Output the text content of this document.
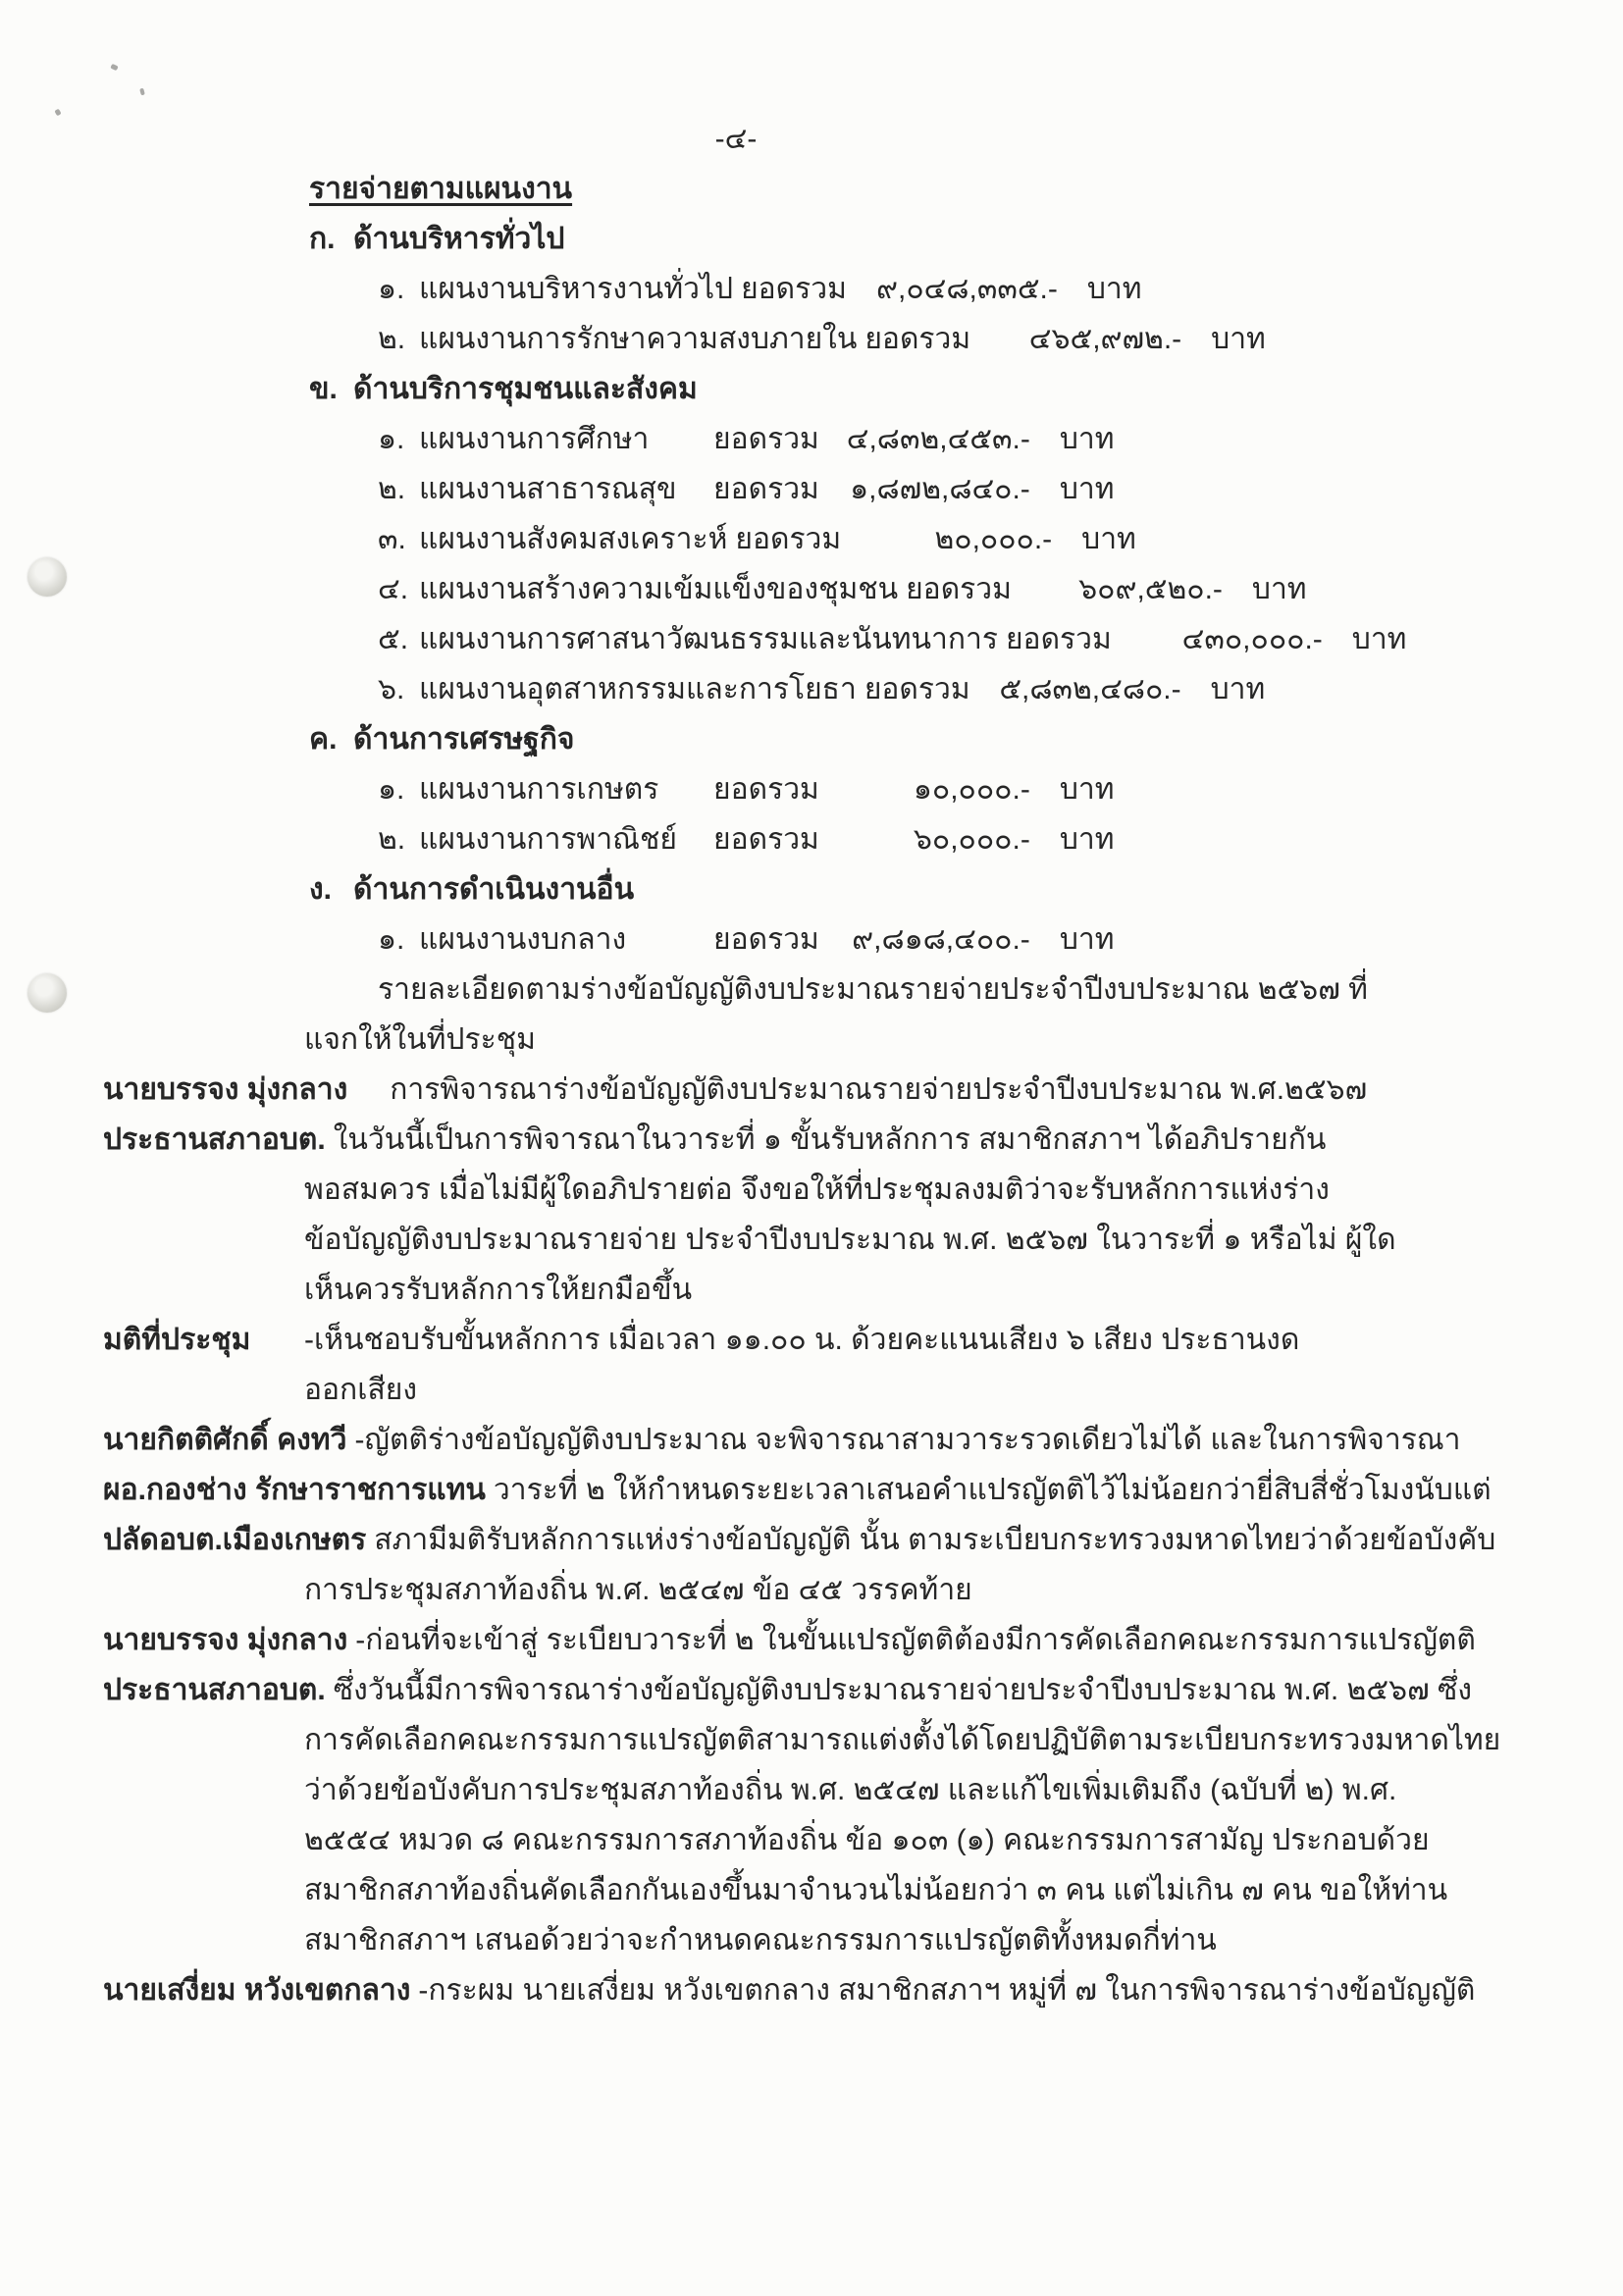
-๔-
รายจ่ายตามแผนงาน
ก. ด้านบริหารทั่วไป
๑. แผนงานบริหารงานทั่วไป ยอดรวม	๙,๐๔๘,๓๓๕.-	บาท
๒. แผนงานการรักษาความสงบภายใน ยอดรวม	๔๖๕,๙๗๒.-	บาท
ข. ด้านบริการชุมชนและสังคม
๑. แผนงานการศึกษา	ยอดรวม ๔,๘๓๒,๔๕๓.-	บาท
๒. แผนงานสาธารณสุข	ยอดรวม	๑,๘๗๒,๘๔๐.-	บาท
๓. แผนงานสังคมสงเคราะห์ ยอดรวม	๒๐,๐๐๐.-	บาท
๔. แผนงานสร้างความเข้มแข็งของชุมชน ยอดรวม	๖๐๙,๕๒๐.-	บาท
๕. แผนงานการศาสนาวัฒนธรรมและนันทนาการ ยอดรวม	๔๓๐,๐๐๐.-	บาท
๖. แผนงานอุตสาหกรรมและการโยธา ยอดรวม ๕,๘๓๒,๔๘๐.-	บาท
ค. ด้านการเศรษฐกิจ
๑. แผนงานการเกษตร	ยอดรวม	๑๐,๐๐๐.-	บาท
๒. แผนงานการพาณิชย์	ยอดรวม	๖๐,๐๐๐.-	บาท
ง. ด้านการดำเนินงานอื่น
๑. แผนงานงบกลาง	ยอดรวม	๙,๘๑๘,๔๐๐.-	บาท
รายละเอียดตามร่างข้อบัญญัติงบประมาณรายจ่ายประจำปีงบประมาณ ๒๕๖๗ ที่
แจกให้ในที่ประชุม
นายบรรจง มุ่งกลาง การพิจารณาร่างข้อบัญญัติงบประมาณรายจ่ายประจำปีงบประมาณ พ.ศ.๒๕๖๗
ประธานสภาอบต. ในวันนี้เป็นการพิจารณาในวาระที่ ๑ ขั้นรับหลักการ สมาชิกสภาฯ ได้อภิปรายกัน
พอสมควร เมื่อไม่มีผู้ใดอภิปรายต่อ จึงขอให้ที่ประชุมลงมติว่าจะรับหลักการแห่งร่าง
ข้อบัญญัติงบประมาณรายจ่าย ประจำปีงบประมาณ พ.ศ. ๒๕๖๗ ในวาระที่ ๑ หรือไม่ ผู้ใด
เห็นควรรับหลักการให้ยกมือขึ้น
มติที่ประชุม	-เห็นชอบรับขั้นหลักการ เมื่อเวลา ๑๑.๐๐ น. ด้วยคะแนนเสียง ๖ เสียง ประธานงด
ออกเสียง
นายกิตติศักดิ์ คงทวี -ญัตติร่างข้อบัญญัติงบประมาณ จะพิจารณาสามวาระรวดเดียวไม่ได้ และในการพิจารณา
ผอ.กองช่าง รักษาราชการแทน วาระที่ ๒ ให้กำหนดระยะเวลาเสนอคำแปรญัตติไว้ไม่น้อยกว่ายี่สิบสี่ชั่วโมงนับแต่
ปลัดอบต.เมืองเกษตร สภามีมติรับหลักการแห่งร่างข้อบัญญัติ นั้น ตามระเบียบกระทรวงมหาดไทยว่าด้วยข้อบังคับ
การประชุมสภาท้องถิ่น พ.ศ. ๒๕๔๗ ข้อ ๔๕ วรรคท้าย
นายบรรจง มุ่งกลาง -ก่อนที่จะเข้าสู่ ระเบียบวาระที่ ๒ ในขั้นแปรญัตติต้องมีการคัดเลือกคณะกรรมการแปรญัตติ
ประธานสภาอบต. ซึ่งวันนี้มีการพิจารณาร่างข้อบัญญัติงบประมาณรายจ่ายประจำปีงบประมาณ พ.ศ. ๒๕๖๗ ซึ่ง
การคัดเลือกคณะกรรมการแปรญัตติสามารถแต่งตั้งได้โดยปฏิบัติตามระเบียบกระทรวงมหาดไทย
ว่าด้วยข้อบังคับการประชุมสภาท้องถิ่น พ.ศ. ๒๕๔๗ และแก้ไขเพิ่มเติมถึง (ฉบับที่ ๒) พ.ศ.
๒๕๕๔ หมวด ๘ คณะกรรมการสภาท้องถิ่น ข้อ ๑๐๓ (๑) คณะกรรมการสามัญ ประกอบด้วย
สมาชิกสภาท้องถิ่นคัดเลือกกันเองขึ้นมาจำนวนไม่น้อยกว่า ๓ คน แต่ไม่เกิน ๗ คน ขอให้ท่าน
สมาชิกสภาฯ เสนอด้วยว่าจะกำหนดคณะกรรมการแปรญัตติทั้งหมดกี่ท่าน
นายเสงี่ยม หวังเขตกลาง -กระผม นายเสงี่ยม หวังเขตกลาง สมาชิกสภาฯ หมู่ที่ ๗ ในการพิจารณาร่างข้อบัญญัติ
